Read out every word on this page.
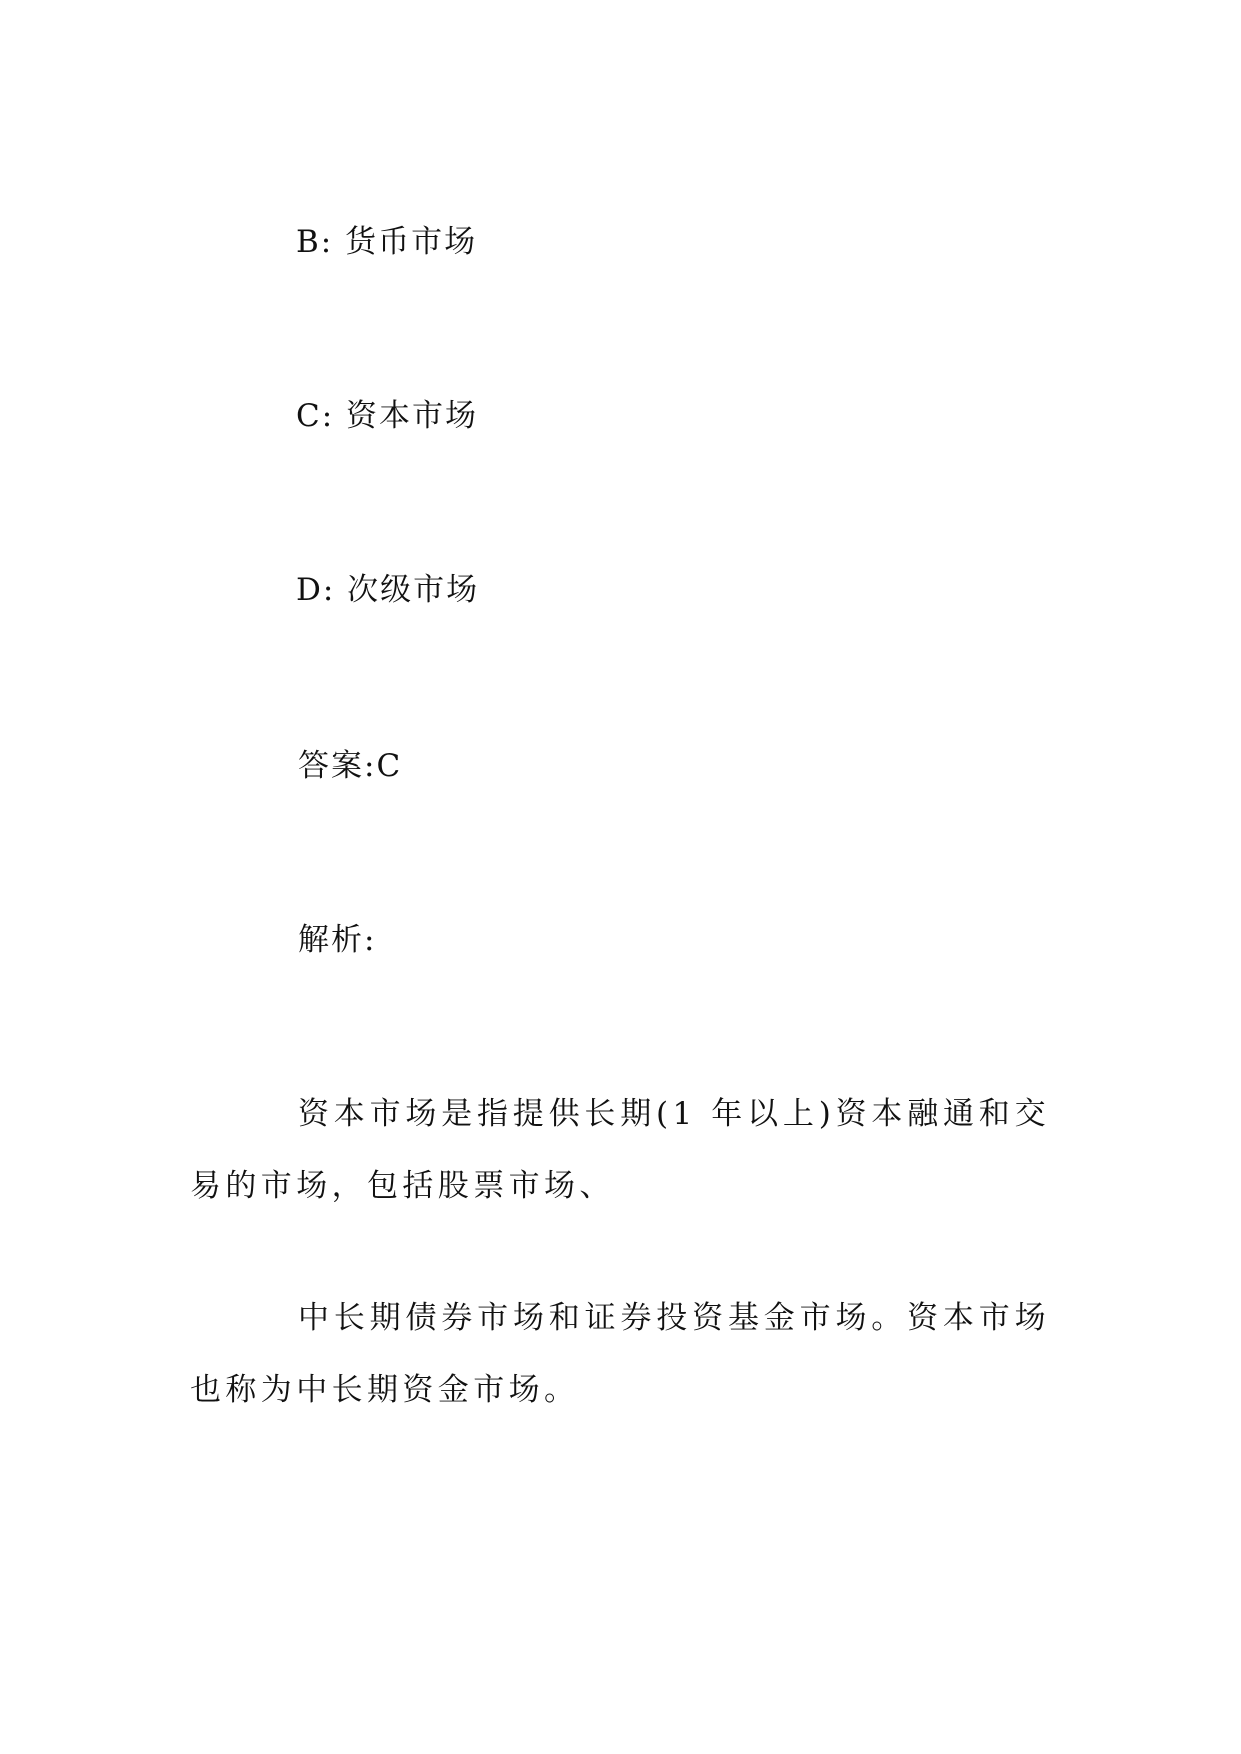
B: 货币市场
C: 资本市场
D: 次级市场
答案:C
解析:
资本市场是指提供长期(1 年以上)资本融通和交易的市场，包括股票市场、
中长期债券市场和证券投资基金市场。资本市场也称为中长期资金市场。
